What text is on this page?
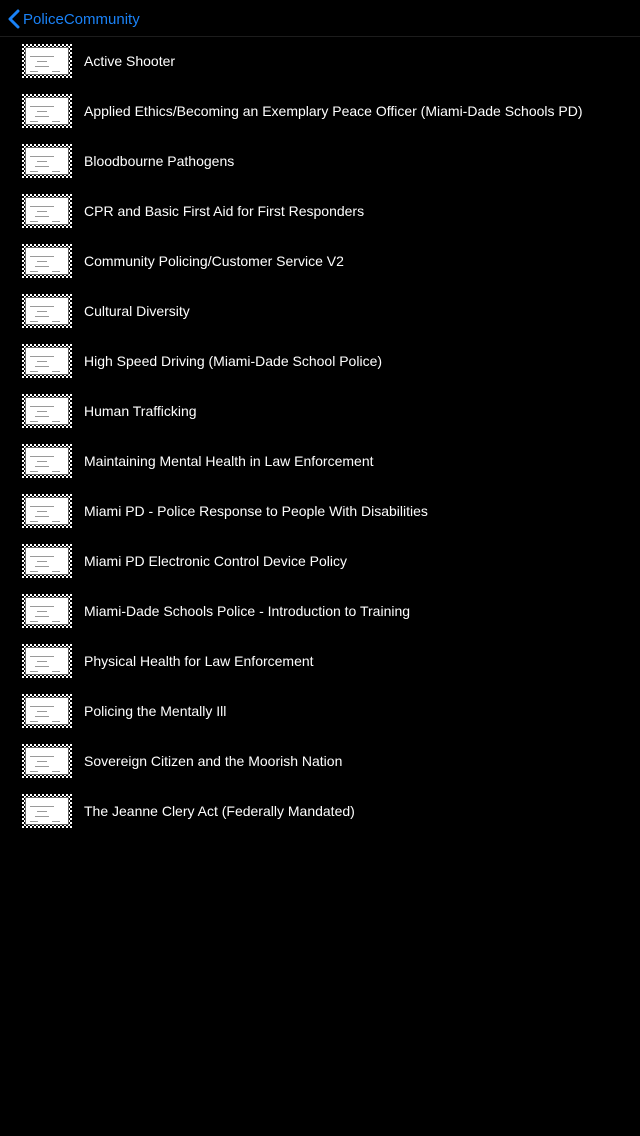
PoliceCommunity
Active Shooter
Applied Ethics/Becoming an Exemplary Peace Officer (Miami-Dade Schools PD)
Bloodbourne Pathogens
CPR and Basic First Aid for First Responders
Community Policing/Customer Service V2
Cultural Diversity
High Speed Driving (Miami-Dade School Police)
Human Trafficking
Maintaining Mental Health in Law Enforcement
Miami PD - Police Response to People With Disabilities
Miami PD Electronic Control Device Policy
Miami-Dade Schools Police - Introduction to Training
Physical Health for Law Enforcement
Policing the Mentally Ill
Sovereign Citizen and the Moorish Nation
The Jeanne Clery Act (Federally Mandated)
